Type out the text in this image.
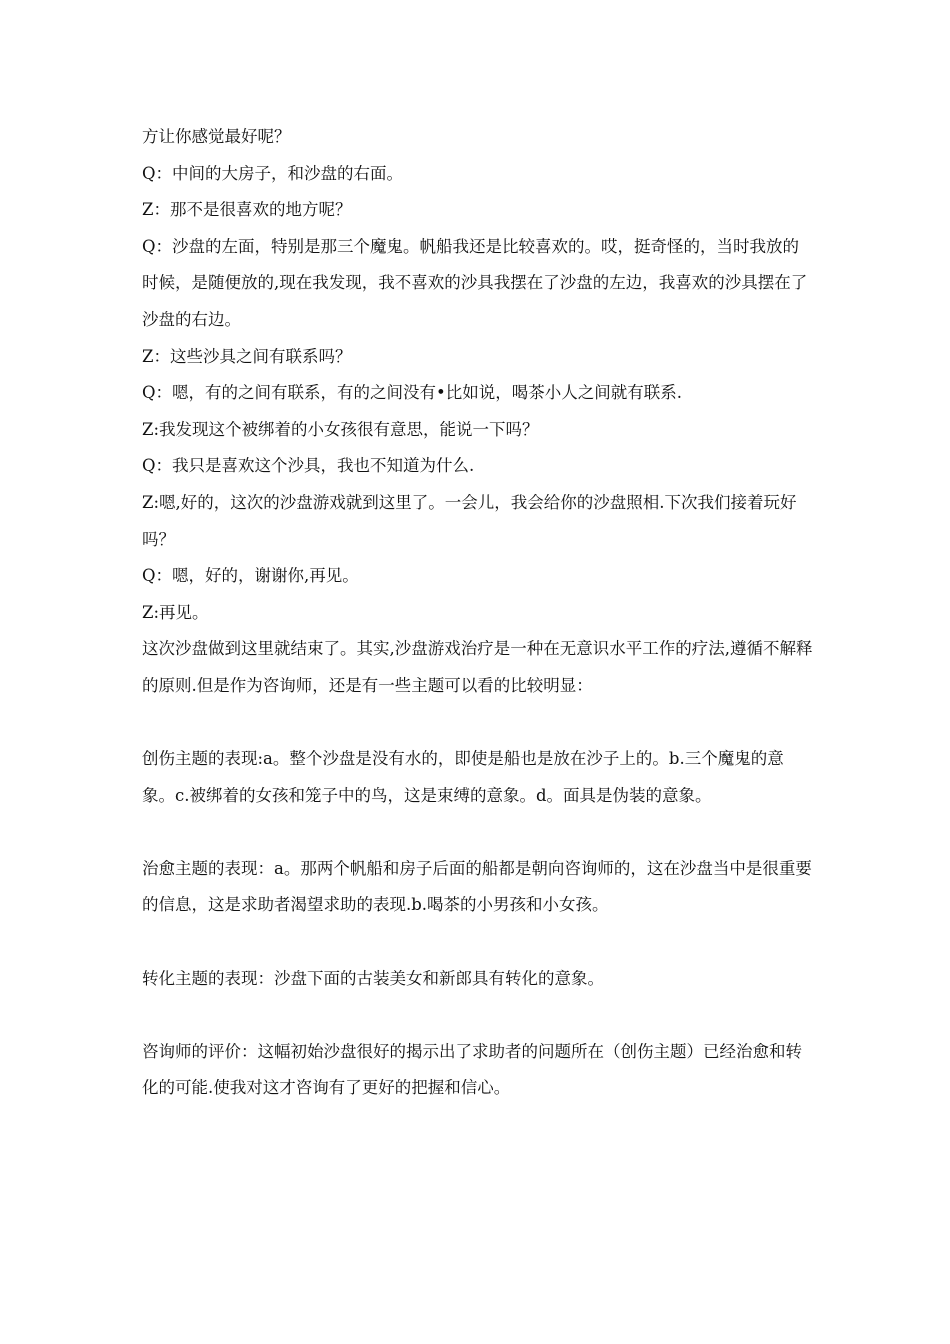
方让你感觉最好呢？

Q：中间的大房子，和沙盘的右面。

Z：那不是很喜欢的地方呢？

Q：沙盘的左面，特别是那三个魔鬼。帆船我还是比较喜欢的。哎，挺奇怪的，当时我放的时候，是随便放的,现在我发现，我不喜欢的沙具我摆在了沙盘的左边，我喜欢的沙具摆在了沙盘的右边。

Z：这些沙具之间有联系吗？

Q：嗯，有的之间有联系，有的之间没有•比如说，喝茶小人之间就有联系.

Z:我发现这个被绑着的小女孩很有意思，能说一下吗？

Q：我只是喜欢这个沙具，我也不知道为什么.

Z:嗯,好的，这次的沙盘游戏就到这里了。一会儿，我会给你的沙盘照相.下次我们接着玩好吗？

Q：嗯，好的，谢谢你,再见。

Z:再见。

这次沙盘做到这里就结束了。其实,沙盘游戏治疗是一种在无意识水平工作的疗法,遵循不解释的原则.但是作为咨询师，还是有一些主题可以看的比较明显：

创伤主题的表现:a。整个沙盘是没有水的，即使是船也是放在沙子上的。b.三个魔鬼的意象。c.被绑着的女孩和笼子中的鸟，这是束缚的意象。d。面具是伪装的意象。

治愈主题的表现：a。那两个帆船和房子后面的船都是朝向咨询师的，这在沙盘当中是很重要的信息，这是求助者渴望求助的表现.b.喝茶的小男孩和小女孩。

转化主题的表现：沙盘下面的古装美女和新郎具有转化的意象。

咨询师的评价：这幅初始沙盘很好的揭示出了求助者的问题所在（创伤主题）已经治愈和转化的可能.使我对这才咨询有了更好的把握和信心。
